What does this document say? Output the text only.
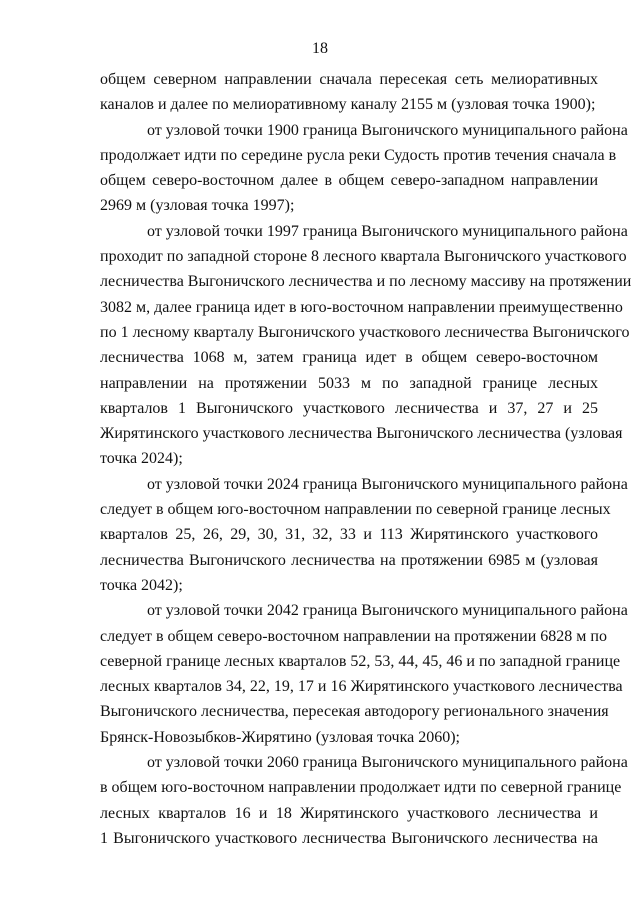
18
общем северном направлении сначала пересекая сеть мелиоративных
каналов и далее по мелиоративному каналу 2155 м (узловая точка 1900);
от узловой точки 1900 граница Выгоничского муниципального района
продолжает идти по середине русла реки Судость против течения сначала в
общем северо-восточном далее в общем северо-западном направлении
2969 м (узловая точка 1997);
от узловой точки 1997 граница Выгоничского муниципального района
проходит по западной стороне 8 лесного квартала Выгоничского участкового
лесничества Выгоничского лесничества и по лесному массиву на протяжении
3082 м, далее граница идет в юго-восточном направлении преимущественно
по 1 лесному кварталу Выгоничского участкового лесничества Выгоничского
лесничества 1068 м, затем граница идет в общем северо-восточном
направлении на протяжении 5033 м по западной границе лесных
кварталов 1 Выгоничского участкового лесничества и 37, 27 и 25
Жирятинского участкового лесничества Выгоничского лесничества (узловая
точка 2024);
от узловой точки 2024 граница Выгоничского муниципального района
следует в общем юго-восточном направлении по северной границе лесных
кварталов 25, 26, 29, 30, 31, 32, 33 и 113 Жирятинского участкового
лесничества Выгоничского лесничества на протяжении 6985 м (узловая
точка 2042);
от узловой точки 2042 граница Выгоничского муниципального района
следует в общем северо-восточном направлении на протяжении 6828 м по
северной границе лесных кварталов 52, 53, 44, 45, 46 и по западной границе
лесных кварталов 34, 22, 19, 17 и 16 Жирятинского участкового лесничества
Выгоничского лесничества, пересекая автодорогу регионального значения
Брянск-Новозыбков-Жирятино (узловая точка 2060);
от узловой точки 2060 граница Выгоничского муниципального района
в общем юго-восточном направлении продолжает идти по северной границе
лесных кварталов 16 и 18 Жирятинского участкового лесничества и
1 Выгоничского участкового лесничества Выгоничского лесничества на
